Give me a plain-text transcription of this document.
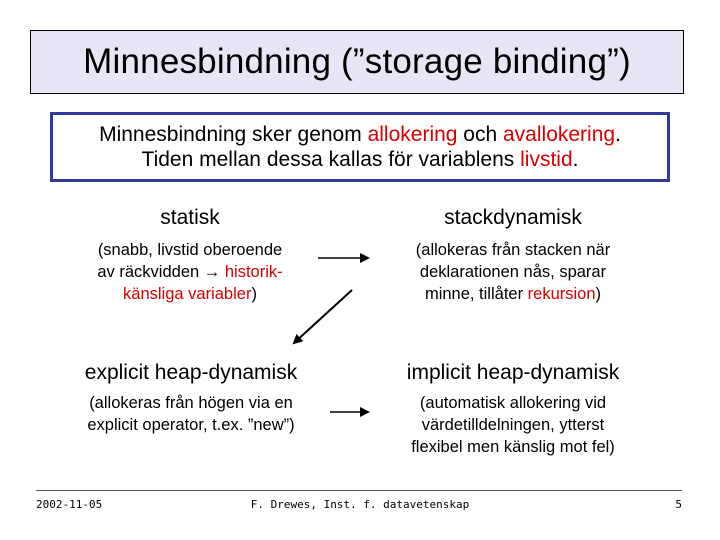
Minnesbindning (”storage binding”)
Minnesbindning sker genom allokering och avallokering.
Tiden mellan dessa kallas för variablens livstid.
statisk
(snabb, livstid oberoende
av räckvidden → historik-
känsliga variabler)
stackdynamisk
(allokeras från stacken när
deklarationen nås, sparar
minne, tillåter rekursion)
explicit heap-dynamisk
(allokeras från högen via en
explicit operator, t.ex. ”new”)
implicit heap-dynamisk
(automatisk allokering vid
värdetilldelningen, ytterst
flexibel men känslig mot fel)
2002-11-05	F. Drewes, Inst. f. datavetenskap	5
